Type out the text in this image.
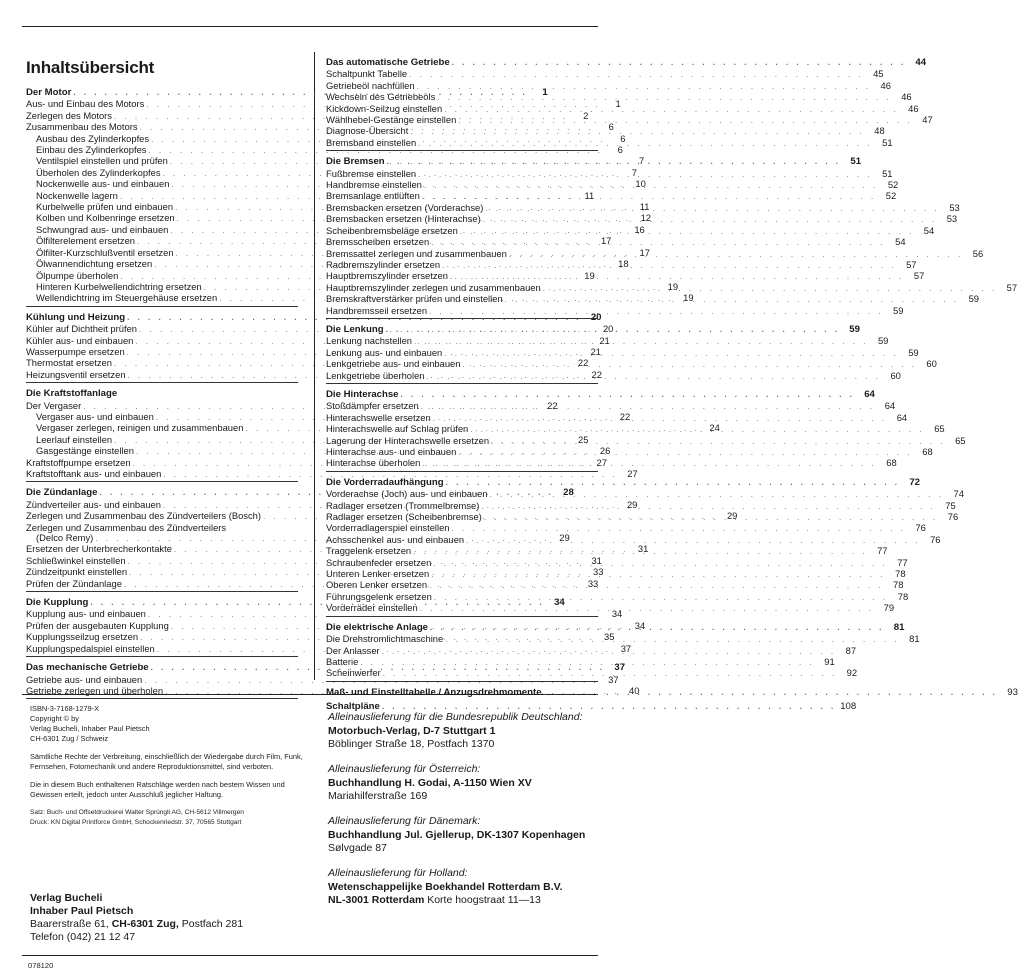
Inhaltsübersicht
Der Motor . . .	1
Aus- und Einbau des Motors . . .	1
Zerlegen des Motors . . .	2
Zusammenbau des Motors . . .	6
Ausbau des Zylinderkopfes . . .	6
Einbau des Zylinderkopfes . . .	6
Ventilspiel einstellen und prüfen . . .	7
Überholen des Zylinderkopfes . . .	7
Nockenwelle aus- und einbauen . . .	10
Nockenwelle lagern . . .	11
Kurbelwelle prüfen und einbauen . . .	11
Kolben und Kolbenringe ersetzen . . .	12
Schwungrad aus- und einbauen . . .	16
Ölfilterelement ersetzen . . .	17
Ölfilter-Kurzschlußventil ersetzen . . .	17
Ölwannendichtung ersetzen . . .	18
Ölpumpe überholen . . .	19
Hinteren Kurbelwellendichtring ersetzen . . .	19
Wellendichtring im Steuergehäuse ersetzen . . .	19
Kühlung und Heizung . . .	20
Kühler auf Dichtheit prüfen . . .	20
Kühler aus- und einbauen . . .	21
Wasserpumpe ersetzen . . .	21
Thermostat ersetzen . . .	22
Heizungsventil ersetzen . . .	22
Die Kraftstoffanlage
Der Vergaser . . .	22
Vergaser aus- und einbauen . . .	22
Vergaser zerlegen, reinigen und zusammenbauen . . .	24
Leerlauf einstellen . . .	25
Gasgestänge einstellen . . .	26
Kraftstoffpumpe ersetzen . . .	27
Kraftstofftank aus- und einbauen . . .	27
Die Zündanlage . . .	28
Zündverteiler aus- und einbauen . . .	29
Zerlegen und Zusammenbau des Zündverteilers (Bosch) . . .	29
Zerlegen und Zusammenbau des Zündverteilers
(Delco Remy) . . .	29
Ersetzen der Unterbrecherkontakte . . .	31
Schließwinkel einstellen . . .	31
Zündzeitpunkt einstellen . . .	33
Prüfen der Zündanlage . . .	33
Die Kupplung . . .	34
Kupplung aus- und einbauen . . .	34
Prüfen der ausgebauten Kupplung . . .	34
Kupplungsseilzug ersetzen . . .	35
Kupplungspedalspiel einstellen . . .	37
Das mechanische Getriebe . . .	37
Getriebe aus- und einbauen . . .	37
Getriebe zerlegen und überholen . . .	40
Das automatische Getriebe . . .	44
Schaltpunkt Tabelle . . .	45
Getriebeöl nachfüllen . . .	46
Wechseln des Getriebeöls . . .	46
Kickdown-Seilzug einstellen . . .	46
Wählhebel-Gestänge einstellen . . .	47
Diagnose-Übersicht . . .	48
Bremsband einstellen . . .	51
Die Bremsen . . .	51
Fußbremse einstellen . . .	51
Handbremse einstellen . . .	52
Bremsanlage entlüften . . .	52
Bremsbacken ersetzen (Vorderachse) . . .	53
Bremsbacken ersetzen (Hinterachse) . . .	53
Scheibenbremsbeläge ersetzen . . .	54
Bremsscheiben ersetzen . . .	54
Bremssattel zerlegen und zusammenbauen . . .	56
Radbremszylinder ersetzen . . .	57
Hauptbremszylinder ersetzen . . .	57
Hauptbremszylinder zerlegen und zusammenbauen . . .	57
Bremskraftverstärker prüfen und einstellen . . .	59
Handbremsseil ersetzen . . .	59
Die Lenkung . . .	59
Lenkung nachstellen . . .	59
Lenkung aus- und einbauen . . .	59
Lenkgetriebe aus- und einbauen . . .	60
Lenkgetriebe überholen . . .	60
Die Hinterachse . . .	64
Stoßdämpfer ersetzen . . .	64
Hinterachswelle ersetzen . . .	64
Hinterachswelle auf Schlag prüfen . . .	65
Lagerung der Hinterachswelle ersetzen . . .	65
Hinterachse aus- und einbauen . . .	68
Hinterachse überholen . . .	68
Die Vorderradaufhängung . . .	72
Vorderachse (Joch) aus- und einbauen . . .	74
Radlager ersetzen (Trommelbremse) . . .	75
Radlager ersetzen (Scheibenbremse) . . .	76
Vorderradlagerspiel einstellen . . .	76
Achsschenkel aus- und einbauen . . .	76
Traggelenk ersetzen . . .	77
Schraubenfeder ersetzen . . .	77
Unteren Lenker ersetzen . . .	78
Oberen Lenker ersetzen . . .	78
Führungsgelenk ersetzen . . .	78
Vorderräder einstellen . . .	79
Die elektrische Anlage . . .	81
Die Drehstromlichtmaschine . . .	81
Der Anlasser . . .	87
Batterie . . .	91
Scheinwerfer . . .	92
Maß- und Einstelltabelle / Anzugsdrehmomente . . .	93
Schaltpläne . . .	108
ISBN-3-7168-1279-X
Copyright © by
Verlag Bucheli, Inhaber Paul Pietsch

CH-6301 Zug / Schweiz

Sämtliche Rechte der Verbreitung, einschließlich der Wiedergabe durch Film, Funk, Fernsehen, Fotomechanik und andere Reproduktionsmittel, sind verboten.

Die in diesem Buch enthaltenen Ratschläge werden nach bestem Wissen und Gewissen erteilt, jedoch unter Ausschluß jeglicher Haftung.

Satz: Buch- und Offsetdruckerei Walter Sprüngli AG, CH-5612 Villmergen
Druck: KN Digital Printforce GmbH, Schockenriedstr. 37, 70565 Stuttgart
Verlag Bucheli
Inhaber Paul Pietsch
Baarerstraße 61, CH-6301 Zug, Postfach 281
Telefon (042) 21 12 47
Alleinauslieferung für die Bundesrepublik Deutschland:
Motorbuch-Verlag, D-7 Stuttgart 1
Böblinger Straße 18, Postfach 1370
Alleinauslieferung für Österreich:
Buchhandlung H. Godai, A-1150 Wien XV
Mariahilferstraße 169
Alleinauslieferung für Dänemark:
Buchhandlung Jul. Gjellerup, DK-1307 Kopenhagen
Sølvgade 87
Alleinauslieferung für Holland:
Wetenschappelijke Boekhandel Rotterdam B.V.
NL-3001 Rotterdam Korte hoogstraat 11—13
078120
